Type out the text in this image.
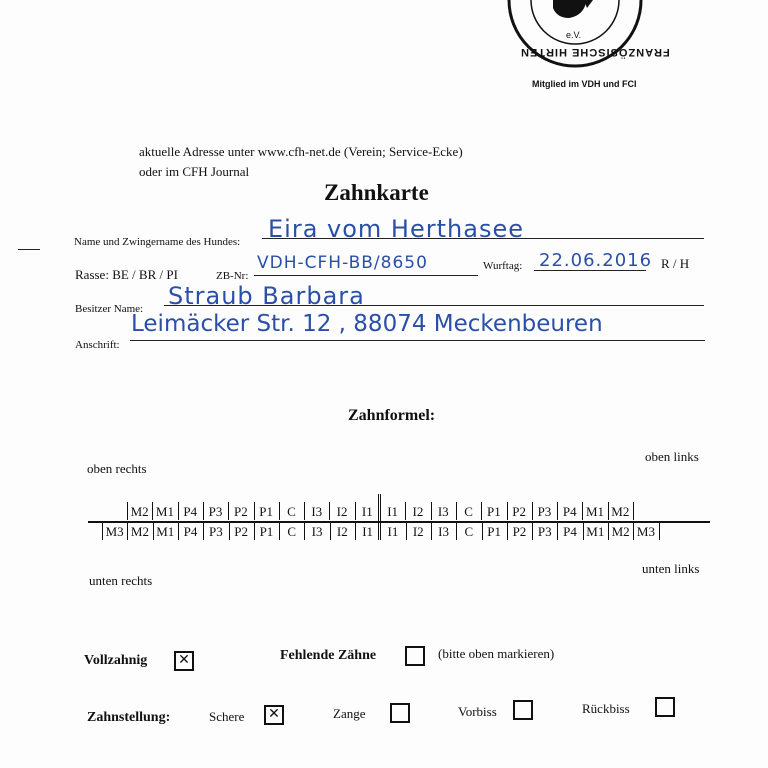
FRANZÖSISCHE HIRTEN
e.V.
Mitglied im VDH und FCI
aktuelle Adresse unter www.cfh-net.de (Verein; Service-Ecke)
oder im CFH Journal
Zahnkarte
Name und Zwingername des Hundes: Eira vom Herthasee
Rasse: BE / BR / PI	ZB-Nr:
VDH-CFH-BB/8650	Wurftag: 22.06.2016 R / H
Besitzer Name: Straub Barbara
Anschrift:
Leimäcker Str. 12 , 88074 Meckenbeuren
Zahnformel:
oben rechts
oben links
M2 M1 P4 P3 P2 P1	C	I3	I2	I1	I1	I2	I3	C	P1 P2 P3 P4 M1 M2
M3 M2 M1 P4 P3 P2 P1	C	I3	I2	I1	I1	I2	I3	C	P1 P2 P3 P4 M1 M2 M3
unten rechts
unten links
Vollzahnig ✕	Fehlende Zähne	(bitte oben markieren)
Zahnstellung:	Schere ✕	Zange	Vorbiss	Rückbiss
